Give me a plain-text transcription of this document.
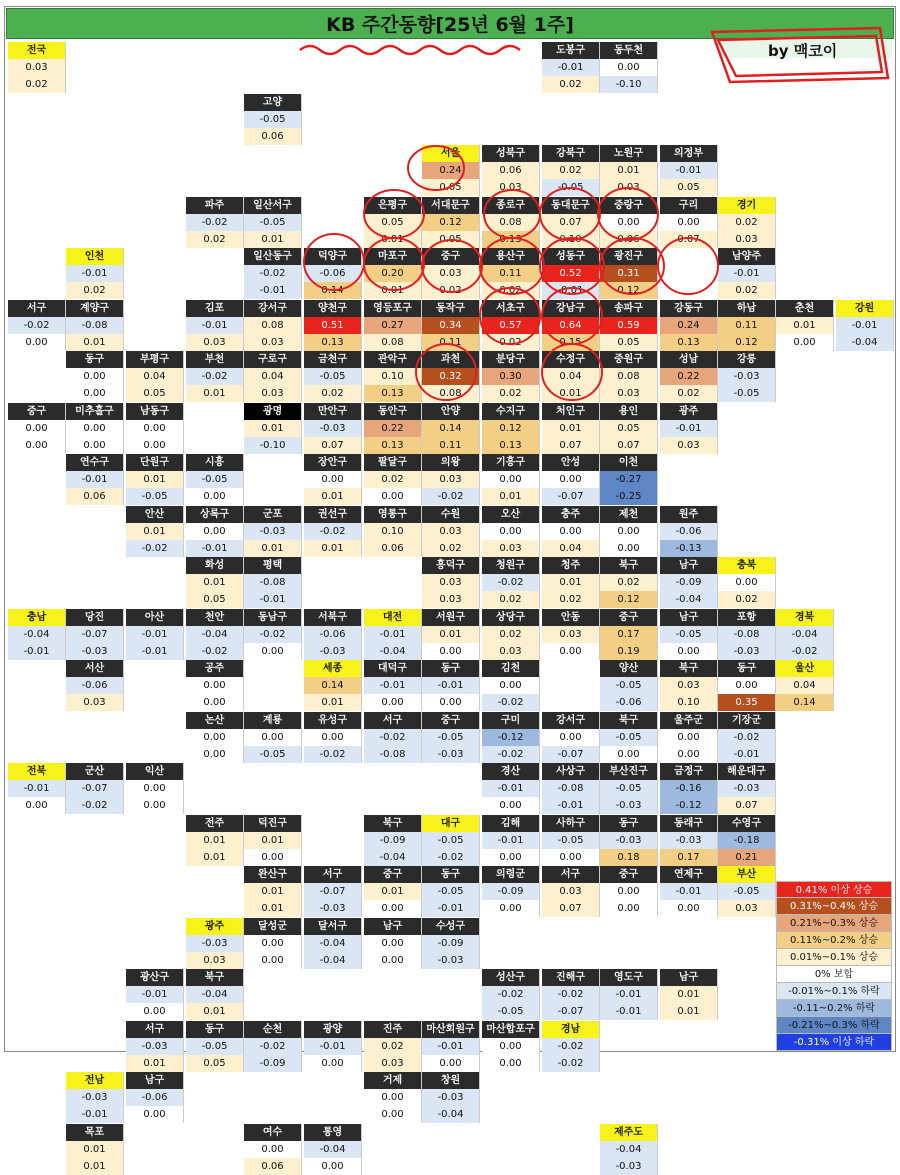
KB 주간동향[25년 6월 1주]
by 맥코이
전국
0.03
0.02
도봉구
-0.01
0.02
동두천
0.00
-0.10
고양
-0.05
0.06
서울
0.24
0.05
성북구
0.06
0.03
강북구
0.02
-0.05
노원구
0.01
0.03
의정부
-0.01
0.05
파주
-0.02
0.02
일산서구
-0.05
0.01
은평구
0.05
0.01
서대문구
0.12
0.05
종로구
0.08
0.13
동대문구
0.07
0.10
중랑구
0.00
0.06
구리
0.00
0.07
경기
0.02
0.03
일산동구
-0.02
-0.01
덕양구
-0.06
0.14
마포구
0.20
0.01
중구
0.03
0.02
용산구
0.11
0.02
성동구
0.52
-0.01
광진구
0.31
0.12
남양주
-0.01
0.02
인천
-0.01
0.02
김포
-0.01
0.03
강서구
0.08
0.03
양천구
0.51
0.13
영등포구
0.27
0.08
동작구
0.34
0.11
서초구
0.57
0.02
강남구
0.64
0.15
송파구
0.59
0.05
강동구
0.24
0.13
하남
0.11
0.12
춘천
0.01
0.00
강원
-0.01
-0.04
서구
-0.02
0.00
계양구
-0.08
0.01
부평구
0.04
0.05
부천
-0.02
0.01
구로구
0.04
0.03
금천구
-0.05
0.02
관악구
0.10
0.13
과천
0.32
0.08
분당구
0.30
0.02
수정구
0.04
0.01
중원구
0.08
0.03
성남
0.22
0.02
강릉
-0.03
-0.05
동구
0.00
0.00
남동구
0.00
0.00
중구
0.00
0.00
미추홀구
0.00
0.00
광명
0.01
-0.10
만안구
-0.03
0.07
동안구
0.22
0.13
안양
0.14
0.11
수지구
0.12
0.13
처인구
0.01
0.07
용인
0.05
0.07
광주
-0.01
0.03
단원구
0.01
-0.05
시흥
-0.05
0.00
연수구
-0.01
0.06
장안구
0.00
0.01
팔달구
0.02
0.00
의왕
0.03
-0.02
기흥구
0.00
0.01
안성
0.00
-0.07
이천
-0.27
-0.25
안산
0.01
-0.02
상록구
0.00
-0.01
군포
-0.03
0.01
권선구
-0.02
0.01
영통구
0.10
0.06
수원
0.03
0.02
오산
0.00
0.03
충주
0.00
0.04
제천
0.00
0.00
원주
-0.06
-0.13
화성
0.01
0.05
평택
-0.08
-0.01
흥덕구
0.03
0.03
청원구
-0.02
0.02
청주
0.01
0.02
북구
0.02
0.12
남구
-0.09
-0.04
충북
0.00
0.02
천안
-0.04
-0.02
동남구
-0.02
0.00
서북구
-0.06
-0.03
대전
-0.01
-0.04
서원구
0.01
0.00
상당구
0.02
0.03
안동
0.03
0.00
중구
0.17
0.19
남구
-0.05
0.00
포항
-0.08
-0.03
경북
-0.04
-0.02
충남
-0.04
-0.01
당진
-0.07
-0.03
아산
-0.01
-0.01
세종
0.14
0.01
대덕구
-0.01
0.00
동구
-0.01
0.00
김천
0.00
-0.02
양산
-0.05
-0.06
북구
0.03
0.10
동구
0.00
0.35
울산
0.04
0.14
서산
-0.06
0.03
공주
0.00
0.00
유성구
0.00
-0.02
서구
-0.02
-0.08
중구
-0.05
-0.03
구미
-0.12
-0.02
강서구
0.00
-0.07
북구
-0.05
0.00
울주군
0.00
0.00
기장군
-0.02
-0.01
논산
0.00
0.00
계룡
0.00
-0.05
익산
0.00
0.00
전북
-0.01
0.00
군산
-0.07
-0.02
전주
0.01
0.01
덕진구
0.01
0.00
북구
-0.09
-0.04
대구
-0.05
-0.02
경산
-0.01
0.00
사상구
-0.08
-0.01
부산진구
-0.05
-0.03
금정구
-0.16
-0.12
해운대구
-0.03
0.07
완산구
0.01
0.01
서구
-0.07
-0.03
중구
0.01
0.00
동구
-0.05
-0.01
김해
-0.01
0.00
사하구
-0.05
0.00
동구
-0.03
0.18
동래구
-0.03
0.17
수영구
-0.18
0.21
의령군
-0.09
0.00
서구
0.03
0.07
중구
0.00
0.00
연제구
-0.01
0.00
부산
-0.05
0.03
광주
-0.03
0.03
달성군
0.00
0.00
달서구
-0.04
-0.04
남구
0.00
0.00
수성구
-0.09
-0.03
광산구
-0.01
0.00
북구
-0.04
0.01
성산구
-0.02
-0.05
진해구
-0.02
-0.07
영도구
-0.01
-0.01
남구
0.01
0.01
마산회원구
-0.01
0.00
진주
0.02
0.03
서구
-0.03
0.01
동구
-0.05
0.05
순천
-0.02
-0.09
광양
-0.01
0.00
마산합포구
0.00
0.00
경남
-0.02
-0.02
창원
-0.03
-0.04
거제
0.00
0.00
전남
-0.03
-0.01
남구
-0.06
0.00
통영
-0.04
0.00
여수
0.00
0.06
목포
0.01
0.01
제주도
-0.04
-0.03
0.41% 이상 상승
0.31%~0.4% 상승
0.21%~0.3% 상승
0.11%~0.2% 상승
0.01%~0.1% 상승
0% 보합
-0.01%~0.1% 하락
-0.11~0.2% 하락
-0.21%~0.3% 하락
-0.31% 이상 하락
